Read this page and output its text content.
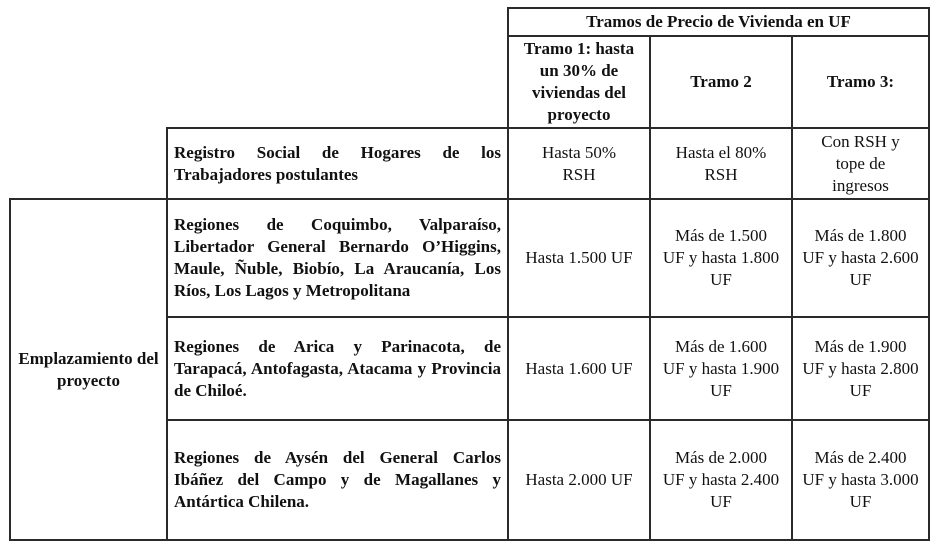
Tramos de Precio de Vivienda en UF
Tramo 1: hasta un 30% de viviendas del proyecto
Tramo 2	Tramo 3:
Registro Social de Hogares de los Trabajadores postulantes
Hasta 50% RSH
Hasta el 80% RSH
Con RSH y tope de ingresos
Emplazamiento del proyecto
Regiones de Coquimbo, Valparaíso, Libertador General Bernardo O’Higgins, Maule, Ñuble, Biobío, La Araucanía, Los Ríos, Los Lagos y Metropolitana
Hasta 1.500 UF
Más de 1.500 UF y hasta 1.800 UF
Más de 1.800 UF y hasta 2.600 UF
Regiones de Arica y Parinacota, de Tarapacá, Antofagasta, Atacama y Provincia de Chiloé.
Hasta 1.600 UF
Más de 1.600 UF y hasta 1.900 UF
Más de 1.900 UF y hasta 2.800 UF
Regiones de Aysén del General Carlos Ibáñez del Campo y de Magallanes y Antártica Chilena.
Hasta 2.000 UF
Más de 2.000 UF y hasta 2.400 UF
Más de 2.400 UF y hasta 3.000 UF
